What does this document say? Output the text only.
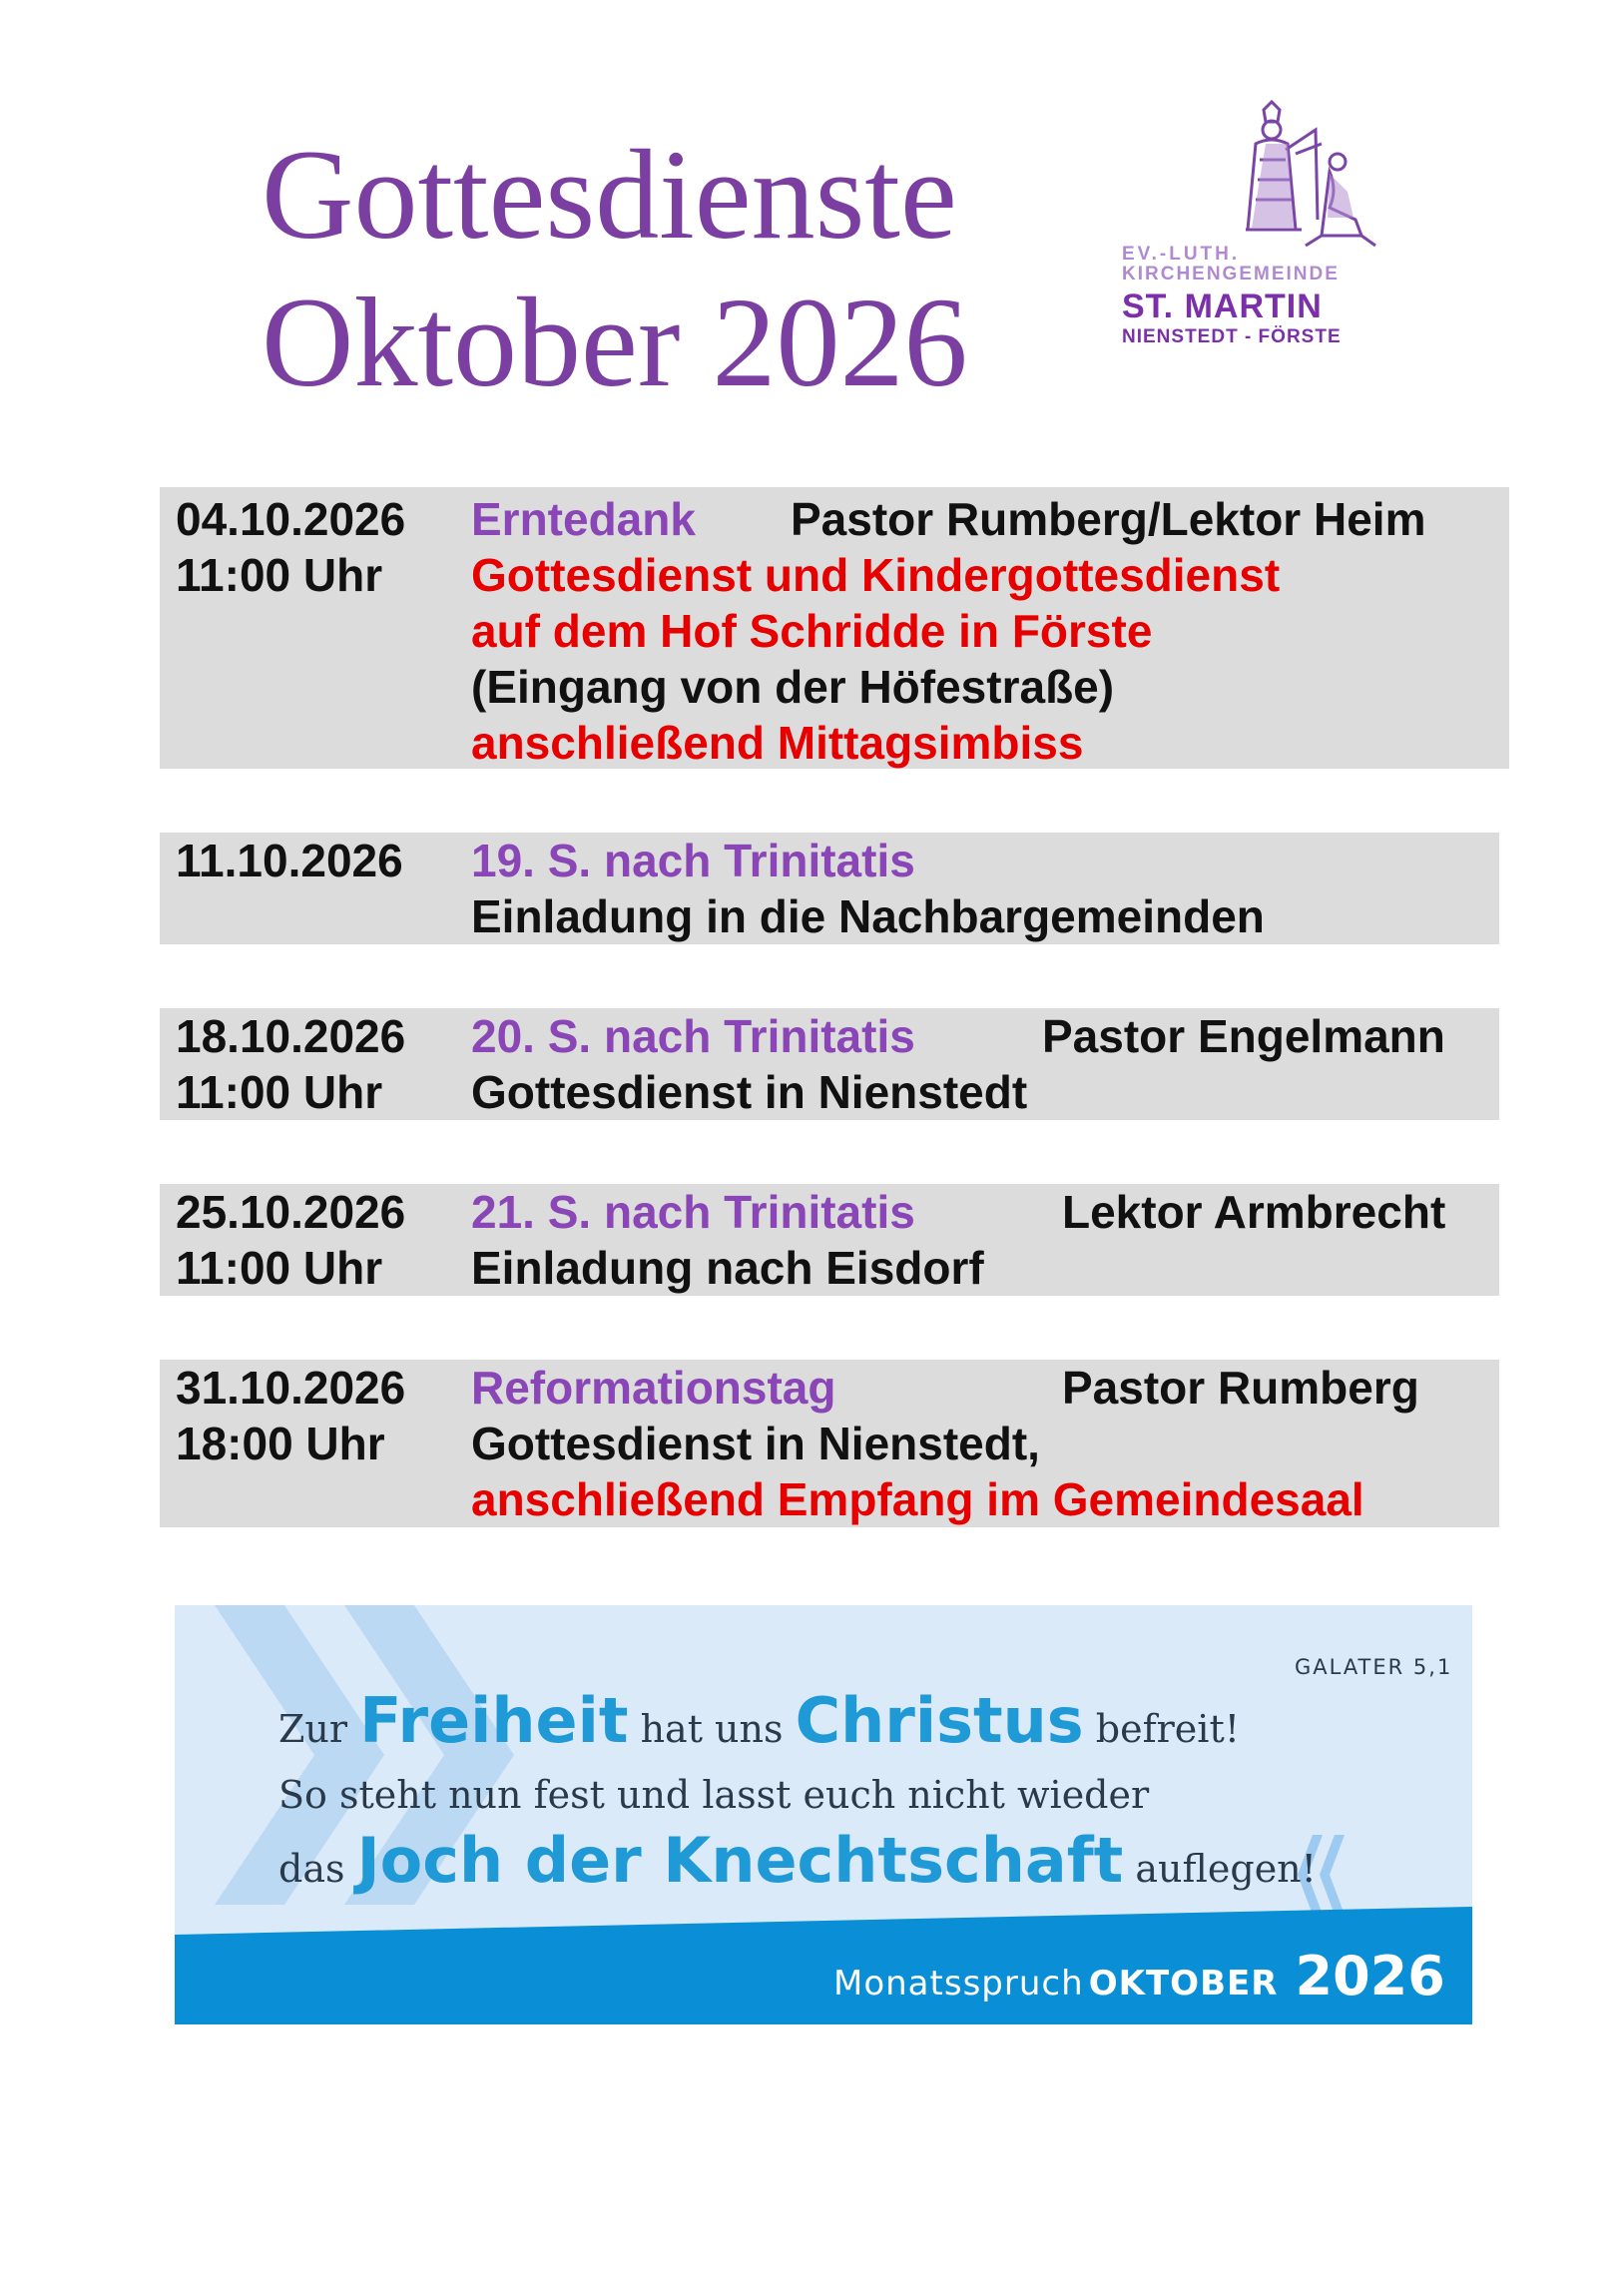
Gottesdienste
Oktober 2026
EV.-LUTH.
KIRCHENGEMEINDE
ST. MARTIN
NIENSTEDT - FÖRSTE
04.10.2026
11:00 Uhr
Erntedank Pastor Rumberg/Lektor Heim
Gottesdienst und Kindergottesdienst
auf dem Hof Schridde in Förste
(Eingang von der Höfestraße)
anschließend Mittagsimbiss
11.10.2026 19. S. nach Trinitatis
Einladung in die Nachbargemeinden
18.10.2026
11:00 Uhr
20. S. nach Trinitatis	Pastor Engelmann
Gottesdienst in Nienstedt
25.10.2026
11:00 Uhr
21. S. nach Trinitatis	Lektor Armbrecht
Einladung nach Eisdorf
31.10.2026
18:00 Uhr
Reformationstag	Pastor Rumberg
Gottesdienst in Nienstedt,
anschließend Empfang im Gemeindesaal
GALATER 5,1
Zur Freiheit hat uns Christus befreit!
So steht nun fest und lasst euch nicht wieder
das Joch der Knechtschaft auflegen!
Monatsspruch OKTOBER 2026
